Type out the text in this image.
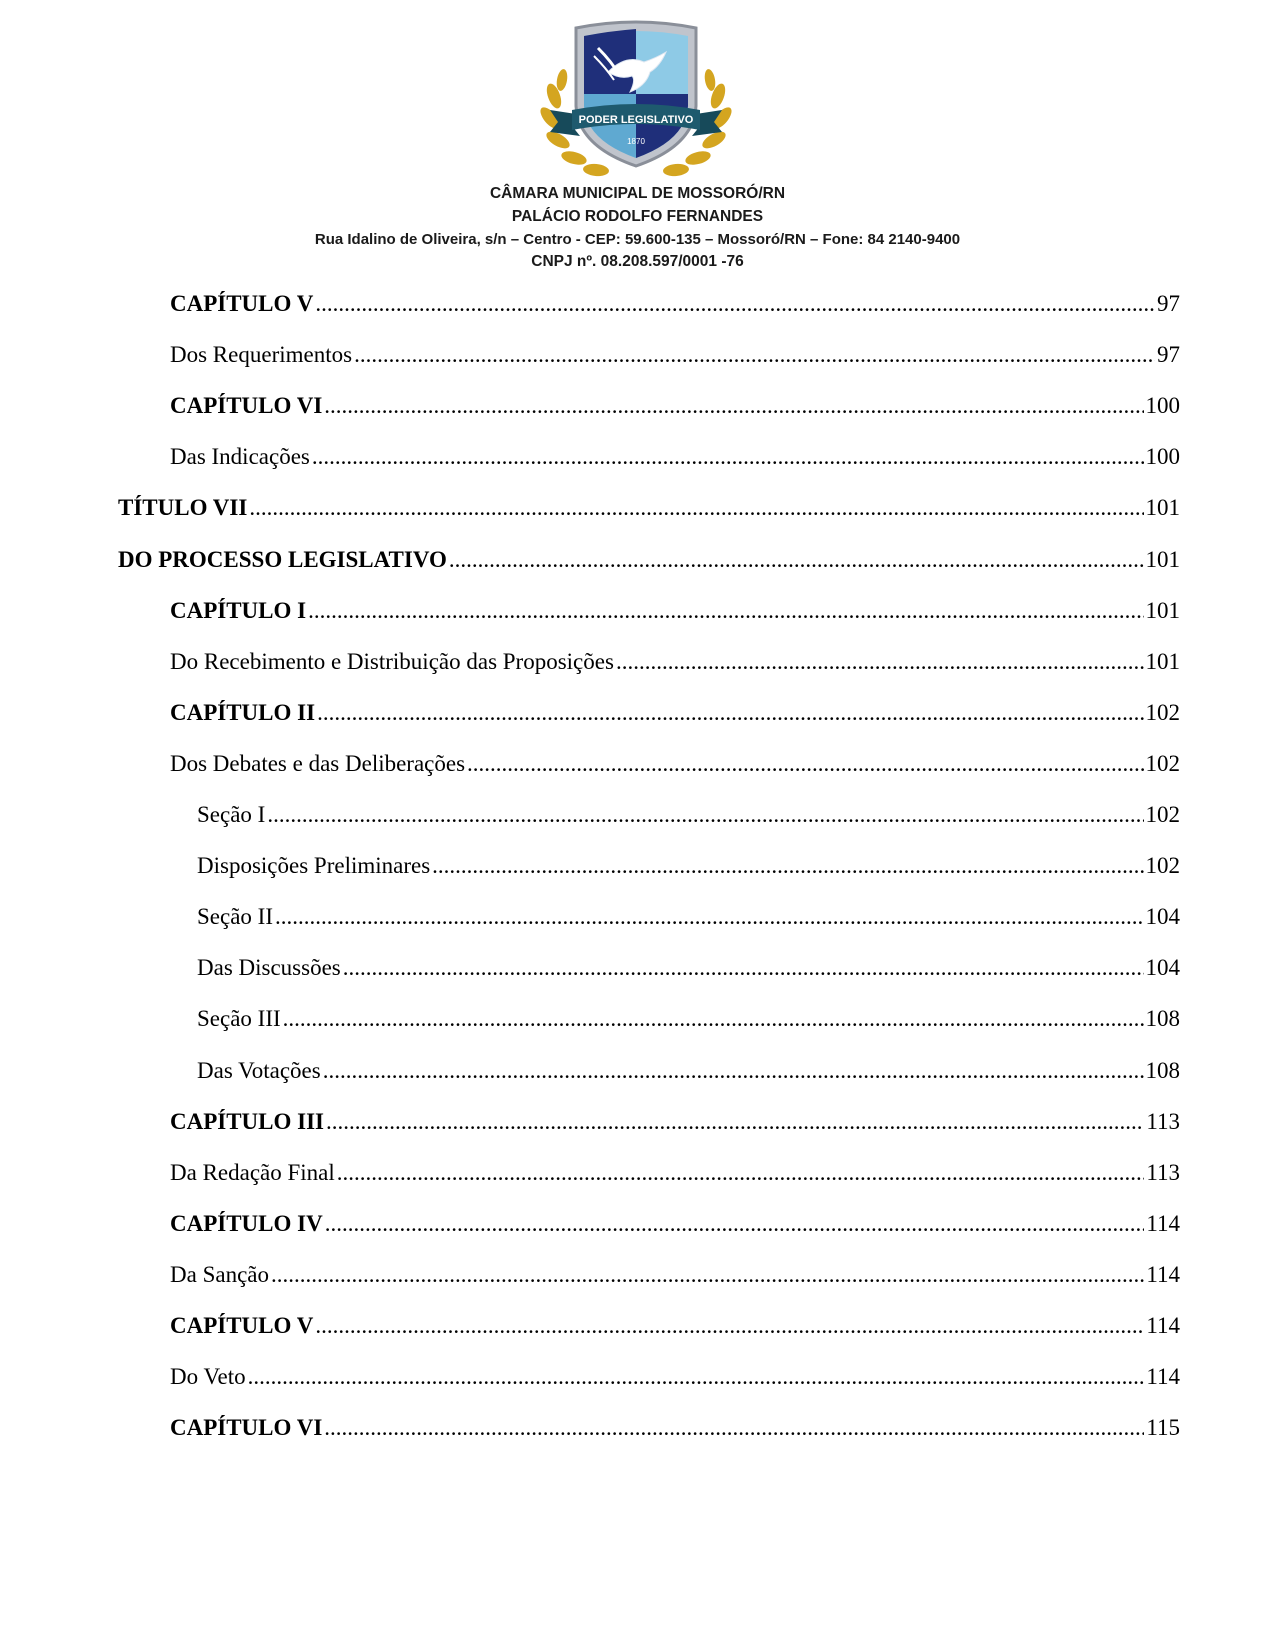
PODER LEGISLATIVO
1870
CÂMARA MUNICIPAL DE MOSSORÓ/RN
PALÁCIO RODOLFO FERNANDES
Rua Idalino de Oliveira, s/n – Centro - CEP: 59.600-135 – Mossoró/RN – Fone: 84 2140-9400
CNPJ nº. 08.208.597/0001 -76
CAPÍTULO V .....	97
Dos Requerimentos .....	97
CAPÍTULO VI .....	100
Das Indicações .....	100
TÍTULO VII .....	101
DO PROCESSO LEGISLATIVO .....	101
CAPÍTULO I .....	101
Do Recebimento e Distribuição das Proposições .....	101
CAPÍTULO II .....	102
Dos Debates e das Deliberações .....	102
Seção I .....	102
Disposições Preliminares .....	102
Seção II .....	104
Das Discussões .....	104
Seção III .....	108
Das Votações .....	108
CAPÍTULO III .....	113
Da Redação Final .....	113
CAPÍTULO IV .....	114
Da Sanção .....	114
CAPÍTULO V .....	114
Do Veto .....	114
CAPÍTULO VI .....	115
